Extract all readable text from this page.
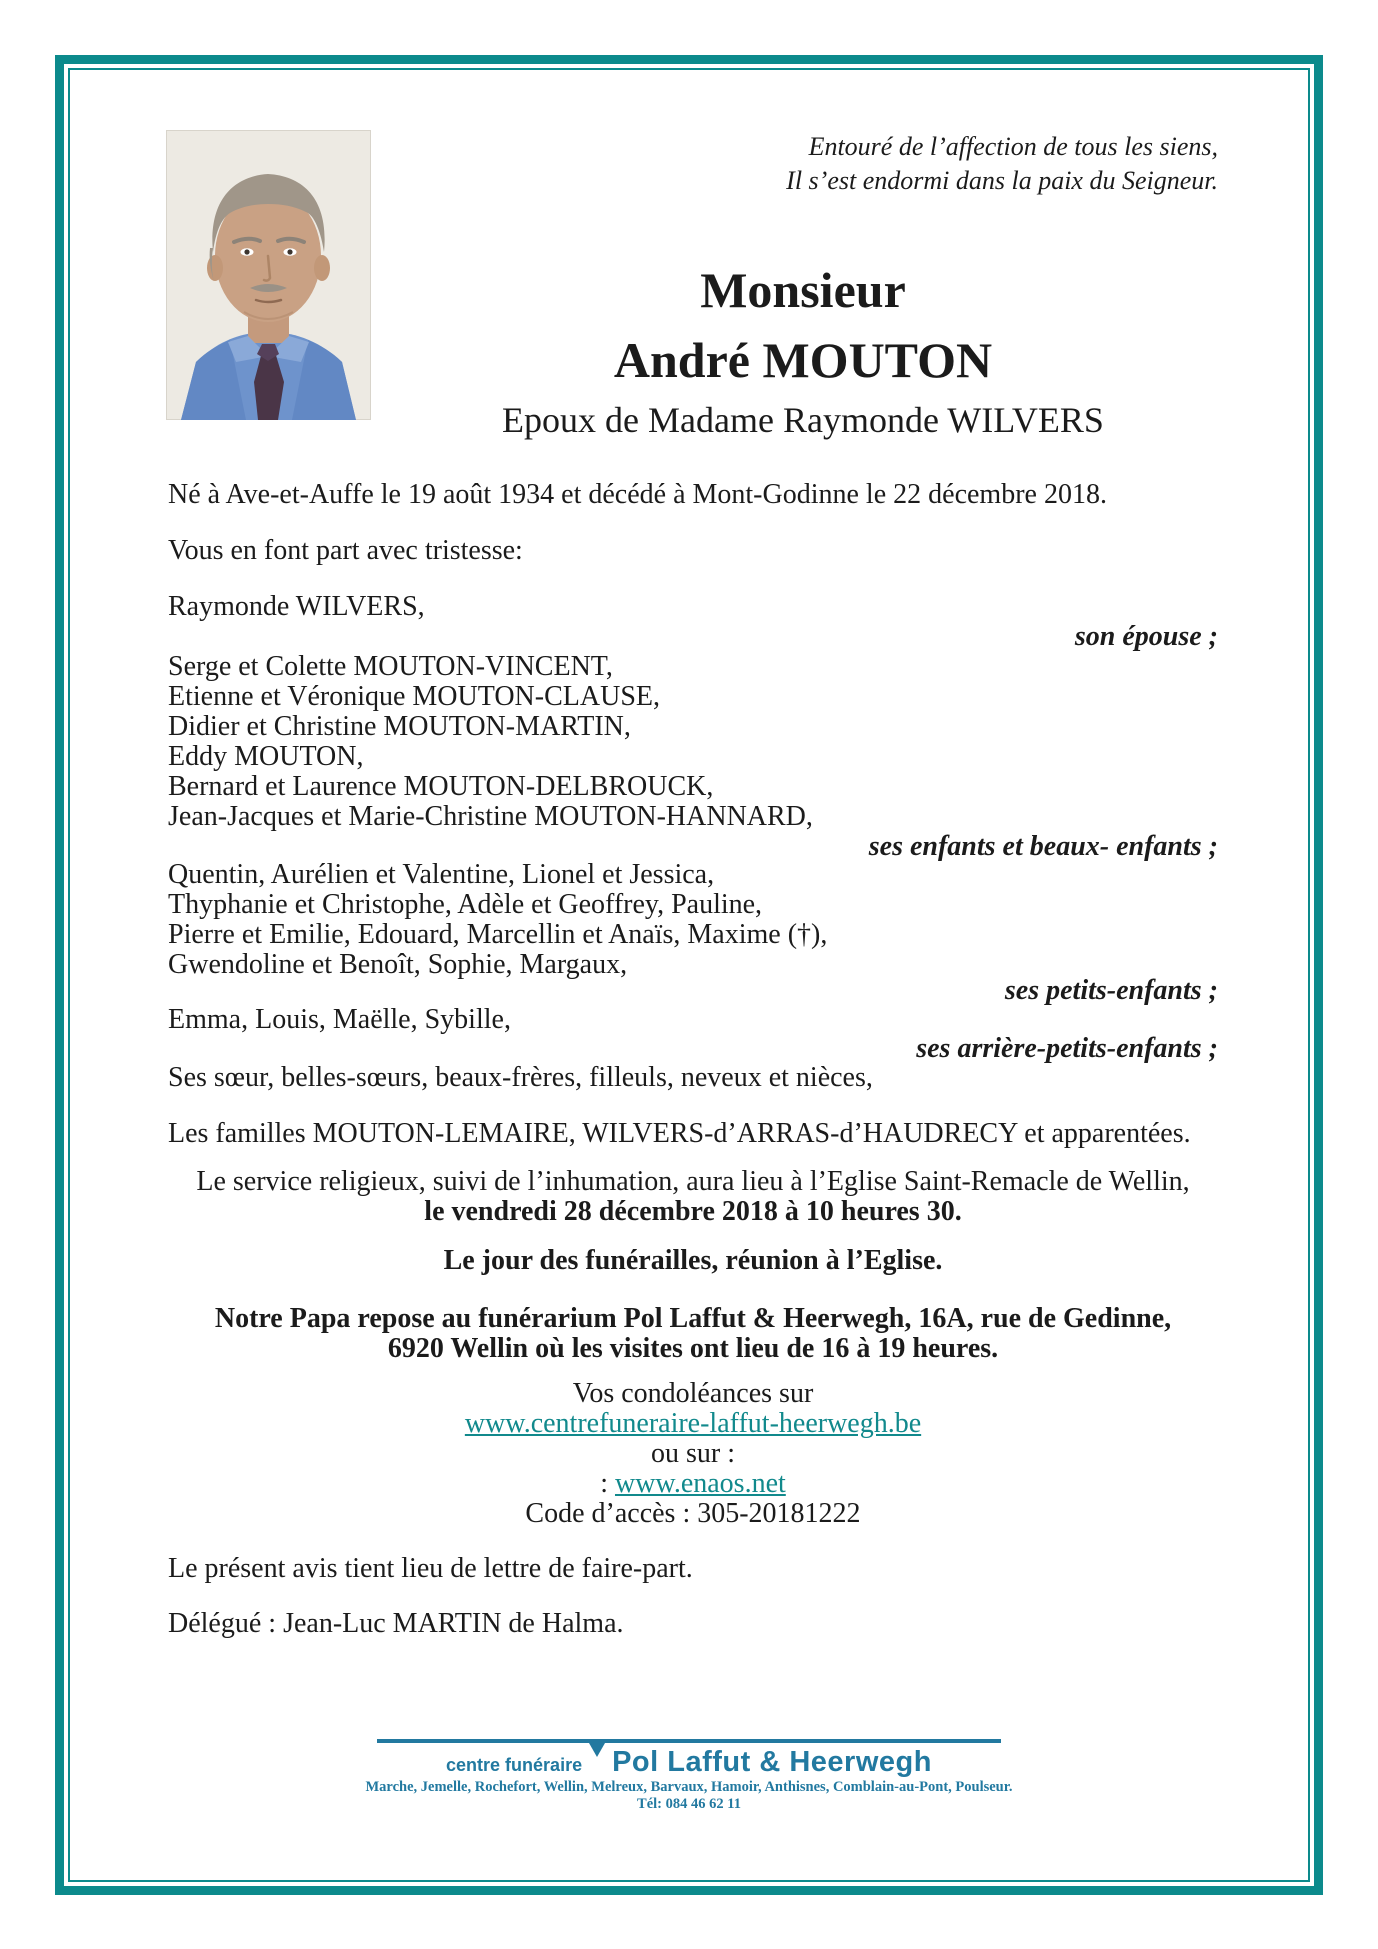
Entouré de l’affection de tous les siens,
Il s’est endormi dans la paix du Seigneur.
Né à Ave-et-Auffe le 19 août 1934 et décédé à Mont-Godinne le 22 décembre 2018.
Vous en font part avec tristesse:
Raymonde WILVERS,
son épouse ;
Serge et Colette MOUTON-VINCENT,
Etienne et Véronique MOUTON-CLAUSE,
Didier et Christine MOUTON-MARTIN,
Eddy MOUTON,
Bernard et Laurence MOUTON-DELBROUCK,
Jean-Jacques et Marie-Christine MOUTON-HANNARD,
ses enfants et beaux- enfants ;
Quentin, Aurélien et Valentine, Lionel et Jessica,
Thyphanie et Christophe, Adèle et Geoffrey, Pauline,
Pierre et Emilie, Edouard, Marcellin et Anaïs, Maxime (†),
Gwendoline et Benoît, Sophie, Margaux,
ses petits-enfants ;
Emma, Louis, Maëlle, Sybille,
ses arrière-petits-enfants ;
Ses sœur, belles-sœurs, beaux-frères, filleuls, neveux et nièces,
Les familles MOUTON-LEMAIRE, WILVERS-d’ARRAS-d’HAUDRECY et apparentées.
Le service religieux, suivi de l’inhumation, aura lieu à l’Eglise Saint-Remacle de Wellin,
le vendredi 28 décembre 2018 à 10 heures 30.
Le jour des funérailles, réunion à l’Eglise.
Notre Papa repose au funérarium Pol Laffut & Heerwegh, 16A, rue de Gedinne,
6920 Wellin où les visites ont lieu de 16 à 19 heures.
Vos condoléances sur
www.centrefuneraire-laffut-heerwegh.be
ou sur :
: www.enaos.net
Code d’accès : 305-20181222
Le présent avis tient lieu de lettre de faire-part.
Délégué : Jean-Luc MARTIN de Halma.
Monsieur
André MOUTON
Epoux de Madame Raymonde WILVERS
centre funéraire Pol Laffut & Heerwegh
Marche, Jemelle, Rochefort, Wellin, Melreux, Barvaux, Hamoir, Anthisnes, Comblain-au-Pont, Poulseur.
Tél: 084 46 62 11
